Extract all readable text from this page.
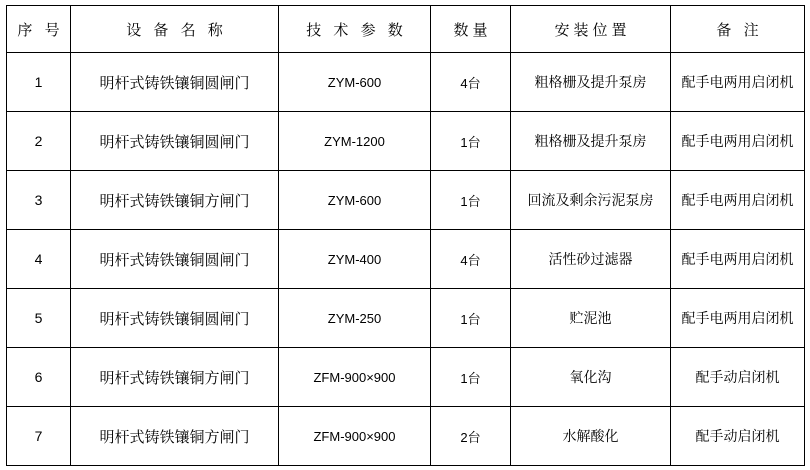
序 号	设 备 名 称	技 术 参 数	数量	安装位置	备 注
1	明杆式铸铁镶铜圆闸门	ZYM-600	4台	粗格栅及提升泵房	配手电两用启闭机
2	明杆式铸铁镶铜圆闸门	ZYM-1200	1台	粗格栅及提升泵房	配手电两用启闭机
3	明杆式铸铁镶铜方闸门	ZYM-600	1台	回流及剩余污泥泵房	配手电两用启闭机
4	明杆式铸铁镶铜圆闸门	ZYM-400	4台	活性砂过滤器	配手电两用启闭机
5	明杆式铸铁镶铜圆闸门	ZYM-250	1台	贮泥池	配手电两用启闭机
6	明杆式铸铁镶铜方闸门	ZFM-900×900	1台	氧化沟	配手动启闭机
7	明杆式铸铁镶铜方闸门	ZFM-900×900	2台	水解酸化	配手动启闭机
